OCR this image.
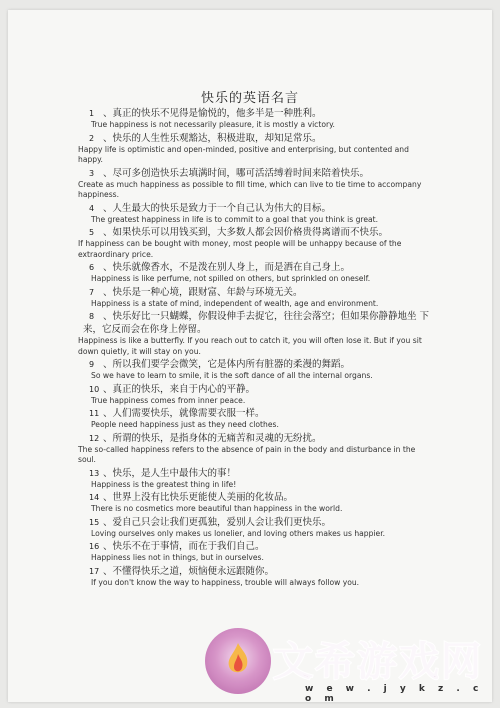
快乐的英语名言
1 、真正的快乐不见得是愉悦的，他多半是一种胜利。
True happiness is not necessarily pleasure, it is mostly a victory.
2 、快乐的人生性乐观豁达，积极进取，却知足常乐。
Happy life is optimistic and open-minded, positive and enterprising, but contented and happy.
3 、尽可多创造快乐去填满时间，哪可活活缚着时间来陪着快乐。
Create as much happiness as possible to fill time, which can live to tie time to accompany happiness.
4 、人生最大的快乐是致力于一个自己认为伟大的目标。
The greatest happiness in life is to commit to a goal that you think is great.
5 、如果快乐可以用钱买到，大多数人都会因价格贵得离谱而不快乐。
If happiness can be bought with money, most people will be unhappy because of the extraordinary price.
6 、快乐就像香水，不是泼在别人身上，而是洒在自己身上。
Happiness is like perfume, not spilled on others, but sprinkled on oneself.
7 、快乐是一种心境，跟财富、年龄与环境无关。
Happiness is a state of mind, independent of wealth, age and environment.
8 、快乐好比一只蝴蝶，你假设伸手去捉它，往往会落空；但如果你静静地坐 下来，它反而会在你身上停留。
Happiness is like a butterfly. If you reach out to catch it, you will often lose it. But if you sit down quietly, it will stay on you.
9 、所以我们要学会微笑，它是体内所有脏器的柔漫的舞蹈。
So we have to learn to smile, it is the soft dance of all the internal organs.
10 、真正的快乐，来自于内心的平静。
True happiness comes from inner peace.
11 、人们需要快乐，就像需要衣服一样。
People need happiness just as they need clothes.
12 、所谓的快乐，是指身体的无痛苦和灵魂的无纷扰。
The so-called happiness refers to the absence of pain in the body and disturbance in the soul.
13 、快乐，是人生中最伟大的事！
Happiness is the greatest thing in life!
14 、世界上没有比快乐更能使人美丽的化妆品。
There is no cosmetics more beautiful than happiness in the world.
15 、爱自己只会让我们更孤独，爱别人会让我们更快乐。
Loving ourselves only makes us lonelier, and loving others makes us happier.
16 、快乐不在于事情，而在于我们自己。
Happiness lies not in things, but in ourselves.
17 、不懂得快乐之道，烦恼便永远跟随你。
If you don't know the way to happiness, trouble will always follow you.
文希游戏网
w e w . j y k z . c o m
